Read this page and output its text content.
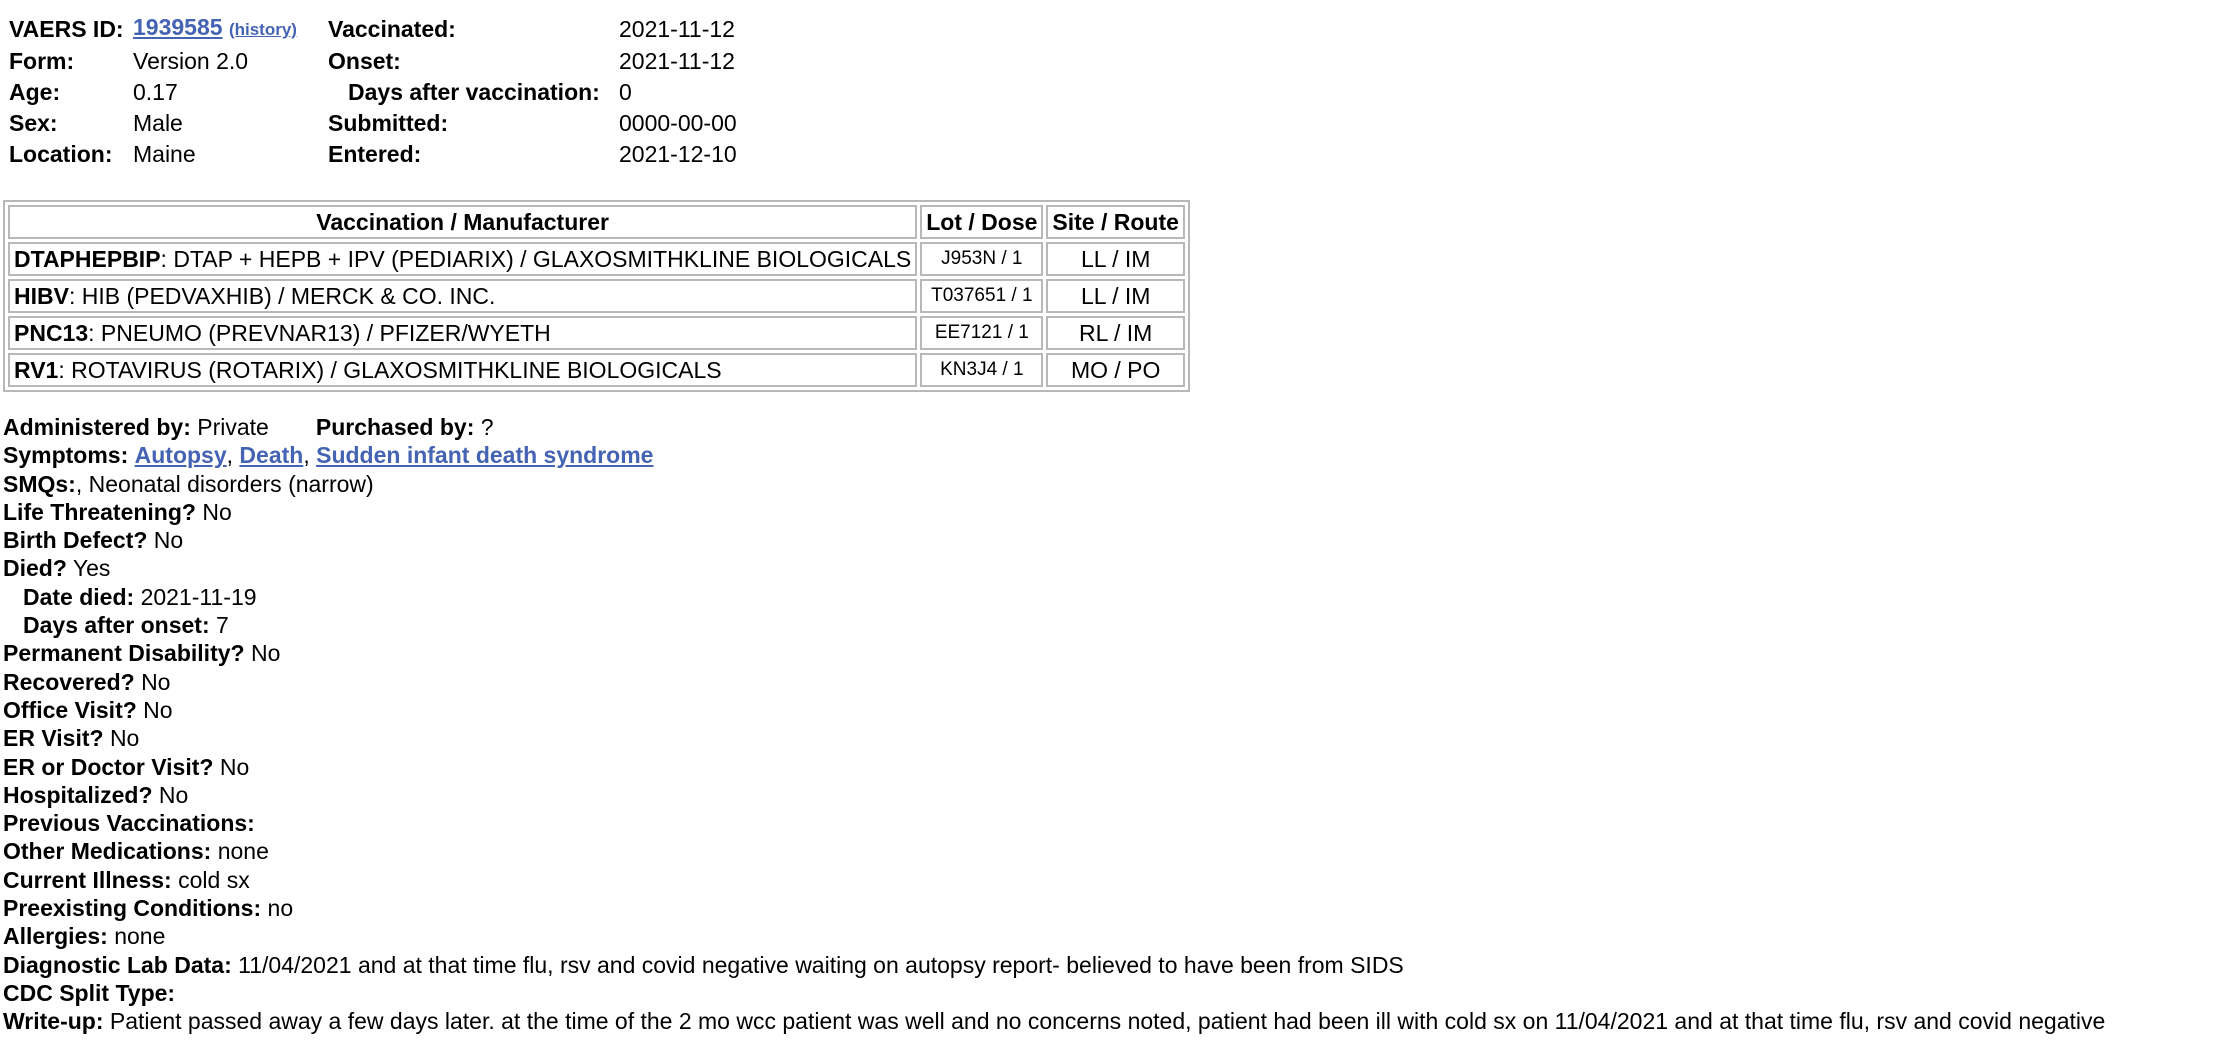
VAERS ID:	1939585 (history)	Vaccinated:	2021-11-12
Form:	Version 2.0	Onset:	2021-11-12
Age:	0.17	Days after vaccination:	0
Sex:	Male	Submitted:	0000-00-00
Location:	Maine	Entered:	2021-12-10
Vaccination / Manufacturer	Lot / Dose	Site / Route
DTAPHEPBIP: DTAP + HEPB + IPV (PEDIARIX) / GLAXOSMITHKLINE BIOLOGICALS	J953N / 1	LL / IM
HIBV: HIB (PEDVAXHIB) / MERCK & CO. INC.	T037651 / 1	LL / IM
PNC13: PNEUMO (PREVNAR13) / PFIZER/WYETH	EE7121 / 1	RL / IM
RV1: ROTAVIRUS (ROTARIX) / GLAXOSMITHKLINE BIOLOGICALS	KN3J4 / 1	MO / PO
Administered by: Private Purchased by: ?
Symptoms: Autopsy, Death, Sudden infant death syndrome
SMQs:, Neonatal disorders (narrow)
Life Threatening? No
Birth Defect? No
Died? Yes
Date died: 2021-11-19
Days after onset: 7
Permanent Disability? No
Recovered? No
Office Visit? No
ER Visit? No
ER or Doctor Visit? No
Hospitalized? No
Previous Vaccinations:
Other Medications: none
Current Illness: cold sx
Preexisting Conditions: no
Allergies: none
Diagnostic Lab Data: 11/04/2021 and at that time flu, rsv and covid negative waiting on autopsy report- believed to have been from SIDS
CDC Split Type:
Write-up: Patient passed away a few days later. at the time of the 2 mo wcc patient was well and no concerns noted, patient had been ill with cold sx on 11/04/2021 and at that time flu, rsv and covid negative
